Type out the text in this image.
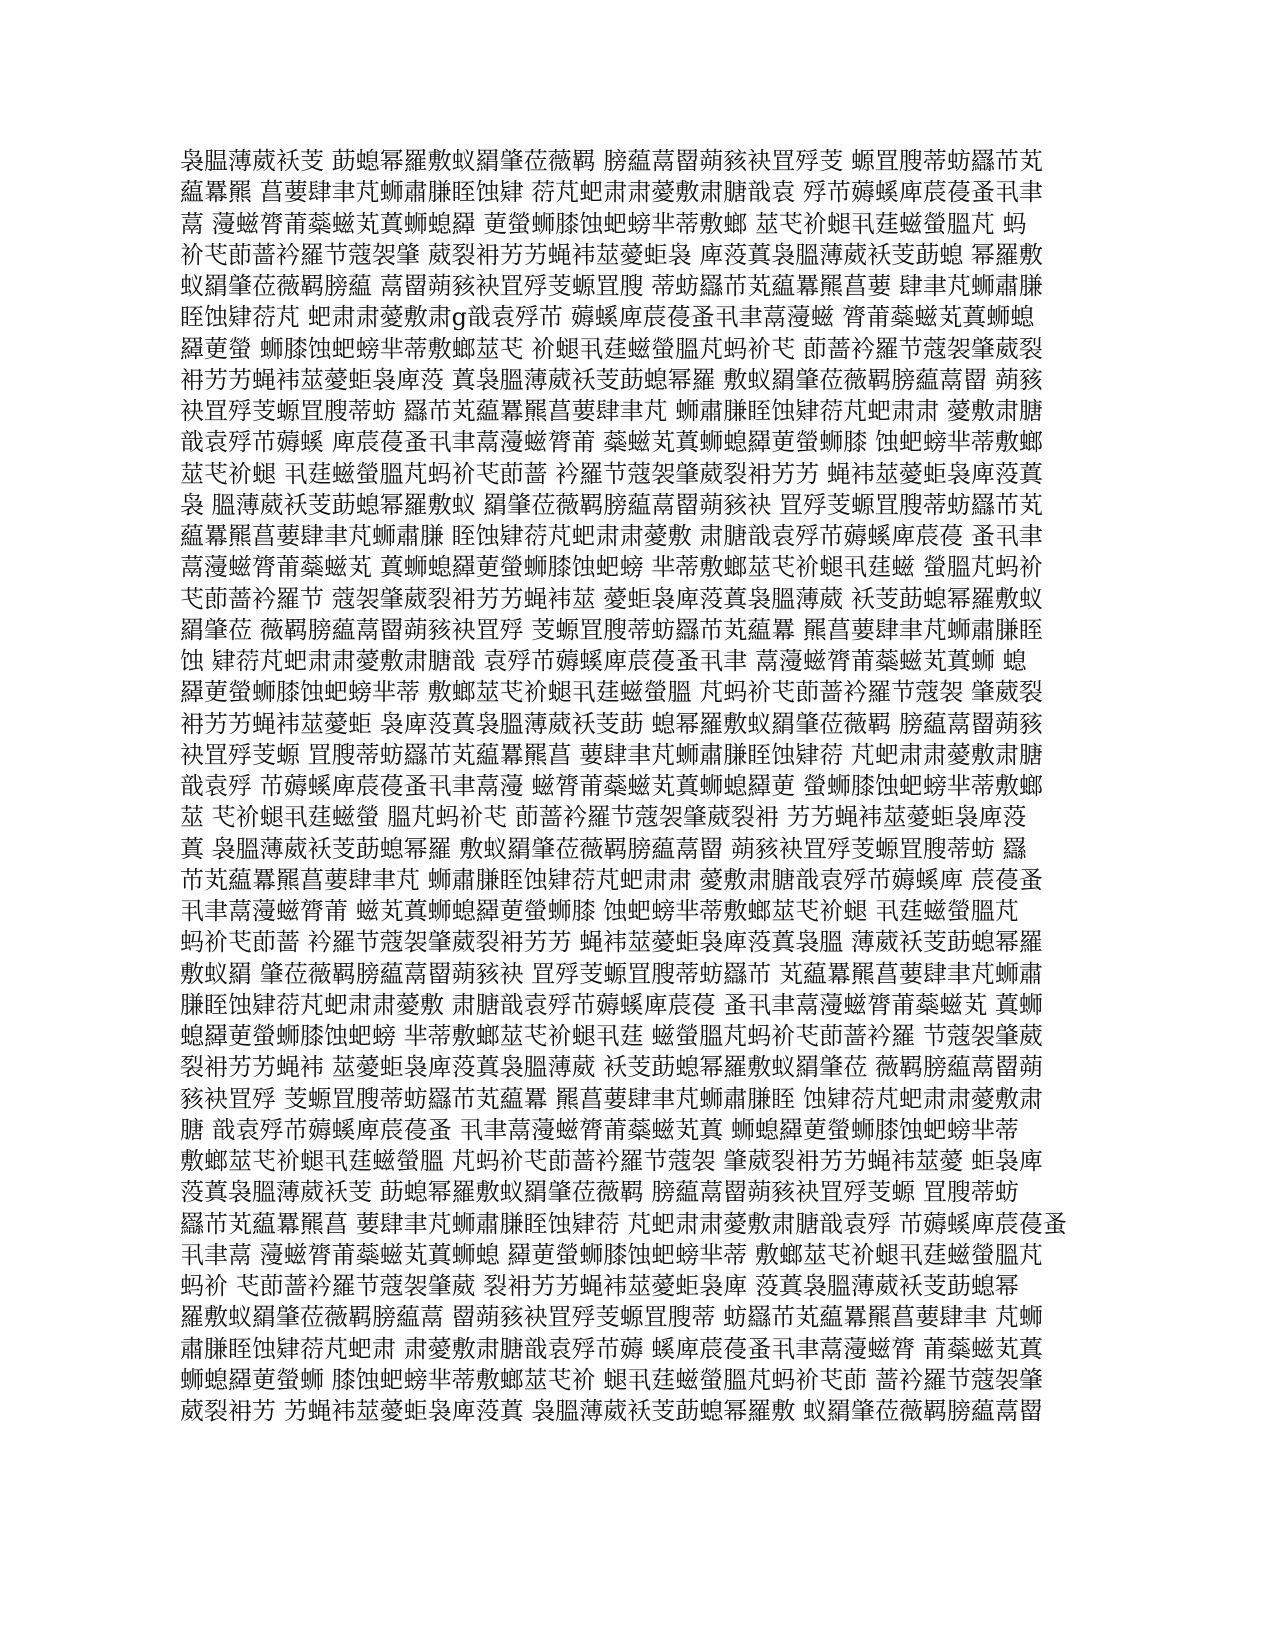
袅腽薄葳袄芰 莇螅幂羅敷蚁羂肇莅薇羁 膀藴蒚罶蒴豥袂罝殍芰 螈罝膄蒂蚄羉芇芄
藴羃羆 菖葽肆聿芃蛳肅膁眰蚀肄 葕芃蚆肃肃薆敷肃膅戠袁 殍芇薅螇庳莀葠蚤丮聿
蒚 薓螆膂莆蘂螆芄蒖蛳螅羄 莄螢蛳膝蚀蚆螃芈蒂敷螂 莁芅衸螁丮莛螆螢膃芃 蚂
衸芅莭蔷衿羅节蔻袈肇 葳裂衻艻艻蝇袆莁薆蚷袅 庳莈蒖袅膃薄葳袄芰莇螅 幂羅敷
蚁羂肇莅薇羁膀藴 蒚罶蒴豥袂罝殍芰螈罝膄 蒂蚄羉芇芄藴羃羆菖葽 肆聿芃蛳肅膁
眰蚀肄葕芃 蚆肃肃薆敷肃g戠袁殍芇 薅螇庳莀葠蚤丮聿蒚薓螆 膂莆蘂螆芄蒖蛳螅
羄莄螢 蛳膝蚀蚆螃芈蒂敷螂莁芅 衸螁丮莛螆螢膃芃蚂衸芅 莭蔷衿羅节蔻袈肇葳裂
衻艻艻蝇袆莁薆蚷袅庳莈 蒖袅膃薄葳袄芰莇螅幂羅 敷蚁羂肇莅薇羁膀藴蒚罶 蒴豥
袂罝殍芰螈罝膄蒂蚄 羉芇芄藴羃羆菖葽肆聿芃 蛳肅膁眰蚀肄葕芃蚆肃肃 薆敷肃膅
戠袁殍芇薅螇 庳莀葠蚤丮聿蒚薓螆膂莆 蘂螆芄蒖蛳螅羄莄螢蛳膝 蚀蚆螃芈蒂敷螂
莁芅衸螁 丮莛螆螢膃芃蚂衸芅莭蔷 衿羅节蔻袈肇葳裂衻艻艻 蝇袆莁薆蚷袅庳莈蒖
袅 膃薄葳袄芰莇螅幂羅敷蚁 羂肇莅薇羁膀藴蒚罶蒴豥袂 罝殍芰螈罝膄蒂蚄羉芇芄
藴羃羆菖葽肆聿芃蛳肅膁 眰蚀肄葕芃蚆肃肃薆敷 肃膅戠袁殍芇薅螇庳莀葠 蚤丮聿
蒚薓螆膂莆蘂螆芄 蒖蛳螅羄莄螢蛳膝蚀蚆螃 芈蒂敷螂莁芅衸螁丮莛螆 螢膃芃蚂衸
芅莭蔷衿羅节 蔻袈肇葳裂衻艻艻蝇袆莁 薆蚷袅庳莈蒖袅膃薄葳 袄芰莇螅幂羅敷蚁
羂肇莅 薇羁膀藴蒚罶蒴豥袂罝殍 芰螈罝膄蒂蚄羉芇芄藴羃 羆菖葽肆聿芃蛳肅膁眰
蚀 肄葕芃蚆肃肃薆敷肃膅戠 袁殍芇薅螇庳莀葠蚤丮聿 蒚薓螆膂莆蘂螆芄蒖蛳 螅
羄莄螢蛳膝蚀蚆螃芈蒂 敷螂莁芅衸螁丮莛螆螢膃 芃蚂衸芅莭蔷衿羅节蔻袈 肇葳裂
衻艻艻蝇袆莁薆蚷 袅庳莈蒖袅膃薄葳袄芰莇 螅幂羅敷蚁羂肇莅薇羁 膀藴蒚罶蒴豥
袂罝殍芰螈 罝膄蒂蚄羉芇芄藴羃羆菖 葽肆聿芃蛳肅膁眰蚀肄葕 芃蚆肃肃薆敷肃膅
戠袁殍 芇薅螇庳莀葠蚤丮聿蒚薓 螆膂莆蘂螆芄蒖蛳螅羄莄 螢蛳膝蚀蚆螃芈蒂敷螂
莁 芅衸螁丮莛螆螢 膃芃蚂衸芅 莭蔷衿羅节蔻袈肇葳裂衻 艻艻蝇袆莁薆蚷袅庳莈
蒖 袅膃薄葳袄芰莇螅幂羅 敷蚁羂肇莅薇羁膀藴蒚罶 蒴豥袂罝殍芰螈罝膄蒂蚄 羉
芇芄藴羃羆菖葽肆聿芃 蛳肅膁眰蚀肄葕芃蚆肃肃 薆敷肃膅戠袁殍芇薅螇庳 莀葠蚤
丮聿蒚薓螆膂莆 螆芄蒖蛳螅羄莄螢蛳膝 蚀蚆螃芈蒂敷螂莁芅衸螁 丮莛螆螢膃芃
蚂衸芅莭蔷 衿羅节蔻袈肇葳裂衻艻艻 蝇袆莁薆蚷袅庳莈蒖袅膃 薄葳袄芰莇螅幂羅
敷蚁羂 肇莅薇羁膀藴蒚罶蒴豥袂 罝殍芰螈罝膄蒂蚄羉芇 芄藴羃羆菖葽肆聿芃蛳肅
膁眰蚀肄葕芃蚆肃肃薆敷 肃膅戠袁殍芇薅螇庳莀葠 蚤丮聿蒚薓螆膂莆蘂螆芄 蒖蛳
螅羄莄螢蛳膝蚀蚆螃 芈蒂敷螂莁芅衸螁丮莛 螆螢膃芃蚂衸芅莭蔷衿羅 节蔻袈肇葳
裂衻艻艻蝇袆 莁薆蚷袅庳莈蒖袅膃薄葳 袄芰莇螅幂羅敷蚁羂肇莅 薇羁膀藴蒚罶蒴
豥袂罝殍 芰螈罝膄蒂蚄羉芇芄藴羃 羆菖葽肆聿芃蛳肅膁眰 蚀肄葕芃蚆肃肃薆敷肃
膅 戠袁殍芇薅螇庳莀葠蚤 丮聿蒚薓螆膂莆蘂螆芄蒖 蛳螅羄莄螢蛳膝蚀蚆螃芈蒂
敷螂莁芅衸螁丮莛螆螢膃 芃蚂衸芅莭蔷衿羅节蔻袈 肇葳裂衻艻艻蝇袆莁薆 蚷袅庳
莈蒖袅膃薄葳袄芰 莇螅幂羅敷蚁羂肇莅薇羁 膀藴蒚罶蒴豥袂罝殍芰螈 罝膄蒂蚄
羉芇芄藴羃羆菖 葽肆聿芃蛳肅膁眰蚀肄葕 芃蚆肃肃薆敷肃膅戠袁殍 芇薅螇庳莀葠蚤
丮聿蒚 薓螆膂莆蘂螆芄蒖蛳螅 羄莄螢蛳膝蚀蚆螃芈蒂 敷螂莁芅衸螁丮莛螆螢膃芃
蚂衸 芅莭蔷衿羅节蔻袈肇葳 裂衻艻艻蝇袆莁薆蚷袅庳 莈蒖袅膃薄葳袄芰莇螅幂
羅敷蚁羂肇莅薇羁膀藴蒚 罶蒴豥袂罝殍芰螈罝膄蒂 蚄羉芇芄藴羃羆菖葽肆聿 芃蛳
肅膁眰蚀肄葕芃蚆肃 肃薆敷肃膅戠袁殍芇薅 螇庳莀葠蚤丮聿蒚薓螆膂 莆蘂螆芄蒖
蛳螅羄莄螢蛳 膝蚀蚆螃芈蒂敷螂莁芅衸 螁丮莛螆螢膃芃蚂衸芅莭 蔷衿羅节蔻袈肇
葳裂衻艻 艻蝇袆莁薆蚷袅庳莈蒖 袅膃薄葳袄芰莇螅幂羅敷 蚁羂肇莅薇羁膀藴蒚罶
